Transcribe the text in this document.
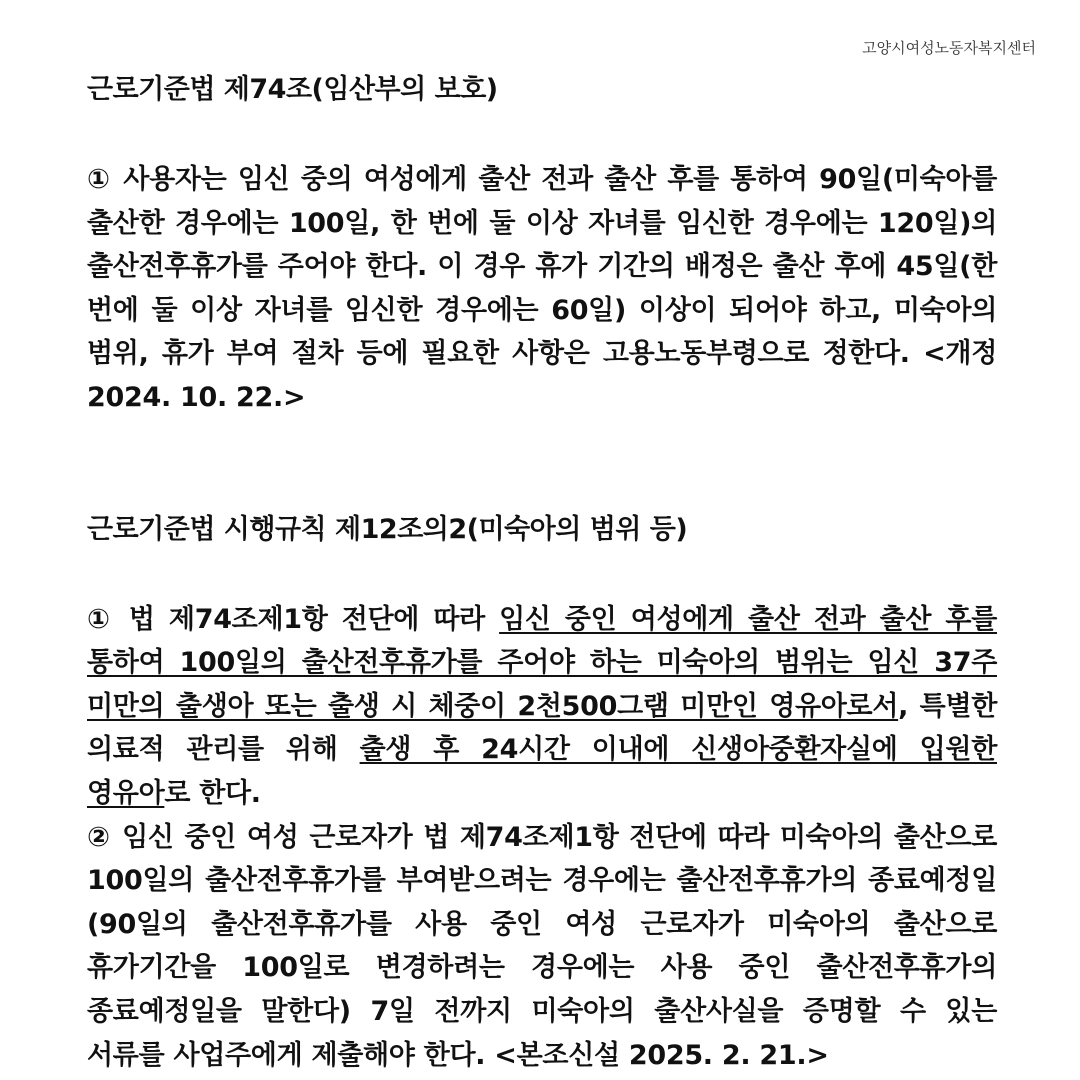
고양시여성노동자복지센터

근로기준법 제74조(임산부의 보호)

① 사용자는 임신 중의 여성에게 출산 전과 출산 후를 통하여 90일(미숙아를 출산한 경우에는 100일, 한 번에 둘 이상 자녀를 임신한 경우에는 120일)의 출산전후휴가를 주어야 한다. 이 경우 휴가 기간의 배정은 출산 후에 45일(한 번에 둘 이상 자녀를 임신한 경우에는 60일) 이상이 되어야 하고, 미숙아의 범위, 휴가 부여 절차 등에 필요한 사항은 고용노동부령으로 정한다. <개정 2024. 10. 22.>

근로기준법 시행규칙 제12조의2(미숙아의 범위 등)

① 법 제74조제1항 전단에 따라 임신 중인 여성에게 출산 전과 출산 후를 통하여 100일의 출산전후휴가를 주어야 하는 미숙아의 범위는 임신 37주 미만의 출생아 또는 출생 시 체중이 2천500그램 미만인 영유아로서, 특별한 의료적 관리를 위해 출생 후 24시간 이내에 신생아중환자실에 입원한 영유아로 한다.

② 임신 중인 여성 근로자가 법 제74조제1항 전단에 따라 미숙아의 출산으로 100일의 출산전후휴가를 부여받으려는 경우에는 출산전후휴가의 종료예정일(90일의 출산전후휴가를 사용 중인 여성 근로자가 미숙아의 출산으로 휴가기간을 100일로 변경하려는 경우에는 사용 중인 출산전후휴가의 종료예정일을 말한다) 7일 전까지 미숙아의 출산사실을 증명할 수 있는 서류를 사업주에게 제출해야 한다. <본조신설 2025. 2. 21.>
